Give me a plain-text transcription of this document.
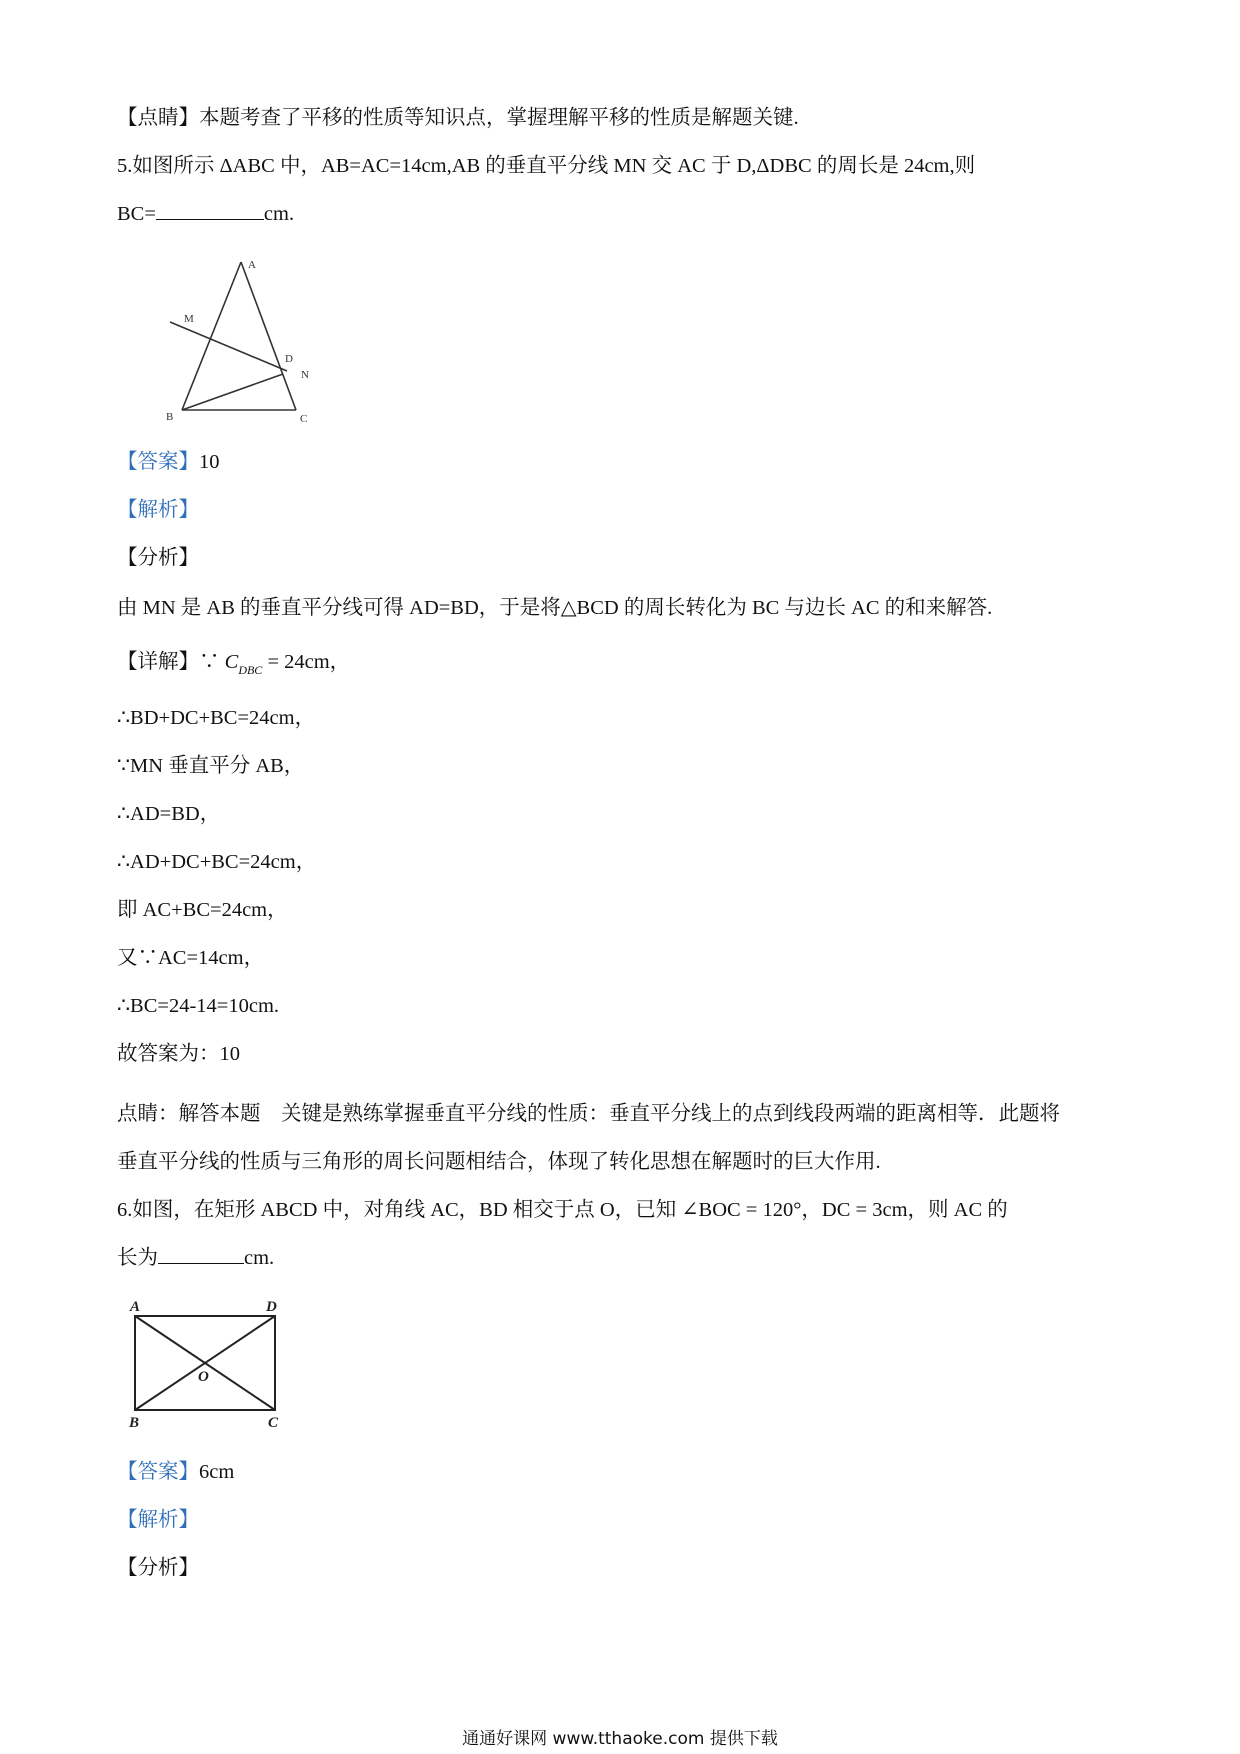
【点睛】本题考查了平移的性质等知识点，掌握理解平移的性质是解题关键.
5.如图所示 ΔABC 中，AB=AC=14cm,AB 的垂直平分线 MN 交 AC 于 D,ΔDBC 的周长是 24cm,则
BC=	cm.
A
B	C
D
M
N
【答案】10
【解析】
【分析】
由 MN 是 AB 的垂直平分线可得 AD=BD，于是将△BCD 的周长转化为 BC 与边长 AC 的和来解答.
【详解】∵ $C_{DBC} = 24cm$，
∴BD+DC+BC=24cm，
∵MN 垂直平分 AB，
∴AD=BD，
∴AD+DC+BC=24cm，
即 AC+BC=24cm，
又∵AC=14cm，
∴BC=24-14=10cm.
故答案为：10
点睛：解答本题　关键是熟练掌握垂直平分线的性质：垂直平分线上的点到线段两端的距离相等．此题将
垂直平分线的性质与三角形的周长问题相结合，体现了转化思想在解题时的巨大作用.
6.如图，在矩形 ABCD 中，对角线 AC，BD 相交于点 O，已知 ∠BOC = 120°，DC = 3cm，则 AC 的
长为	cm.
A	D
B	C
O
【答案】6cm
【解析】
【分析】
通通好课网 www.tthaoke.com 提供下载
